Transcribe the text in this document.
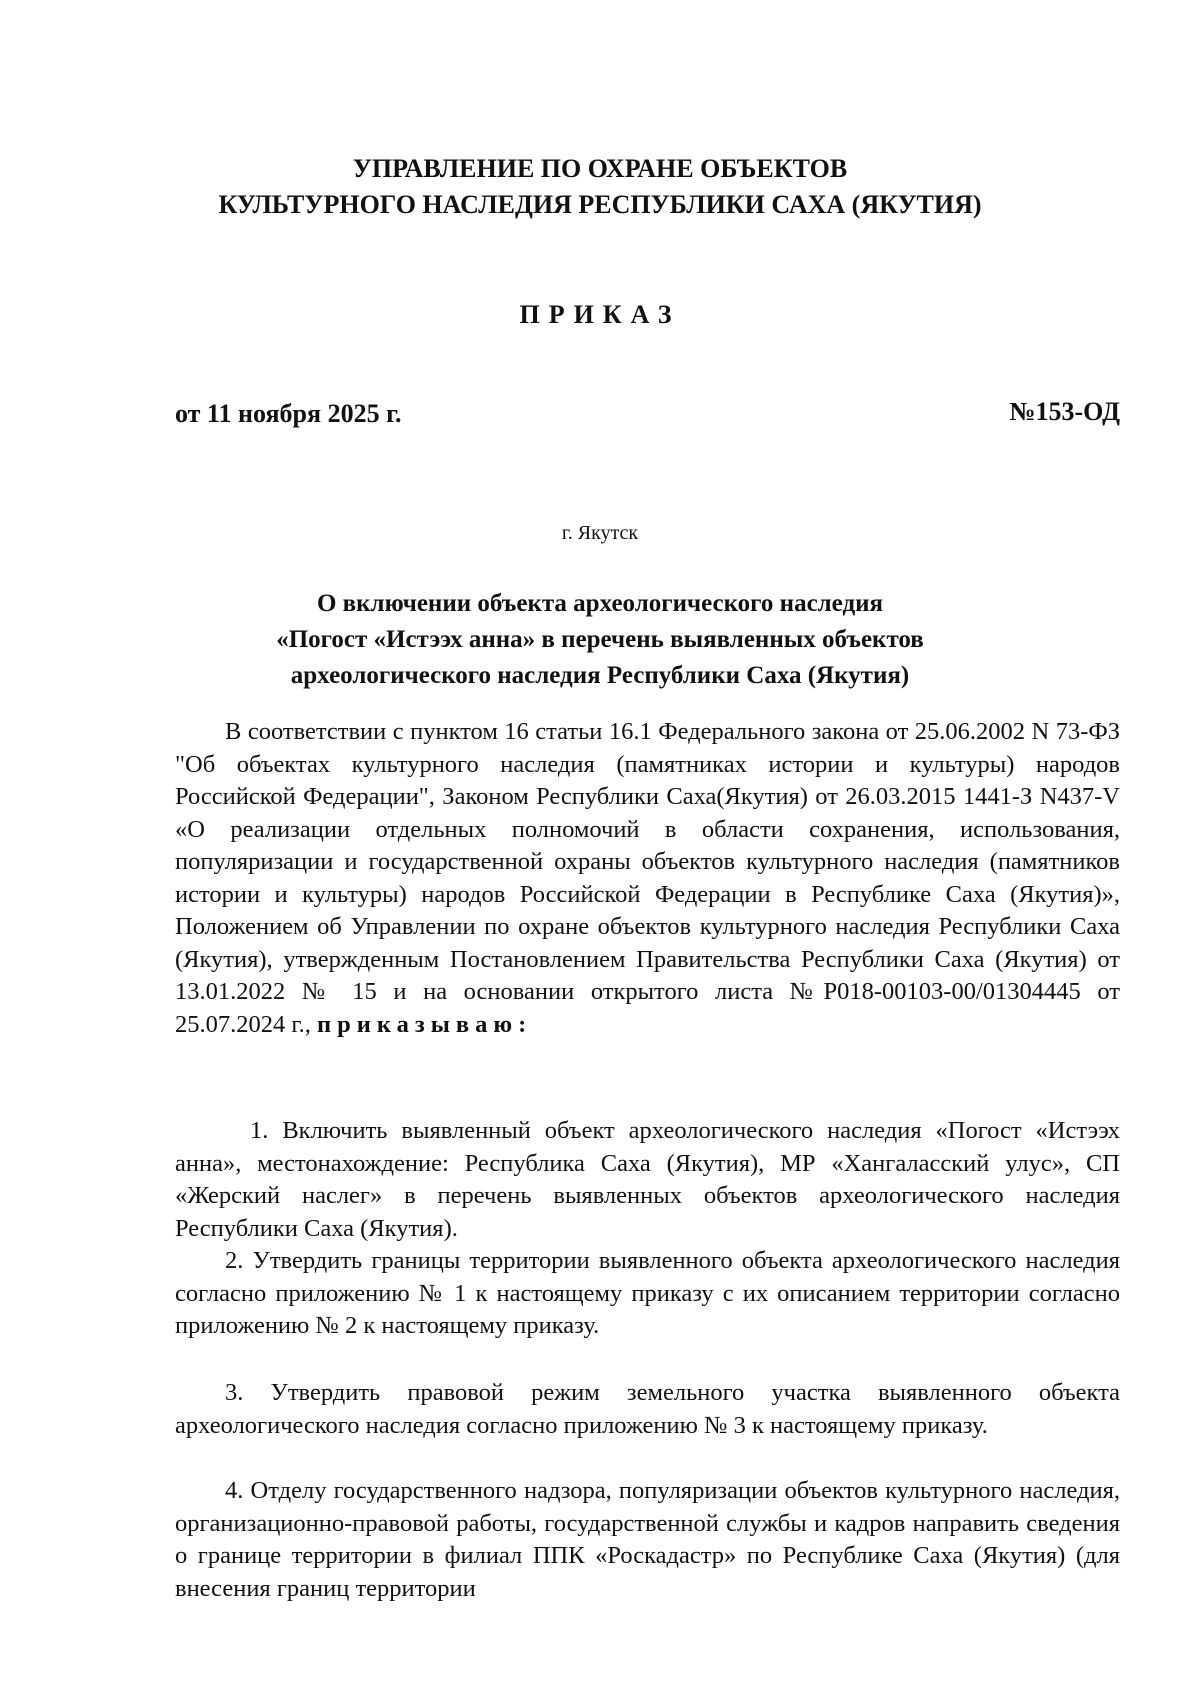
УПРАВЛЕНИЕ ПО ОХРАНЕ ОБЪЕКТОВ
КУЛЬТУРНОГО НАСЛЕДИЯ РЕСПУБЛИКИ САХА (ЯКУТИЯ)
ПРИКАЗ
от 11 ноября 2025 г.	№153-ОД
г. Якутск
О включении объекта археологического наследия
«Погост «Истээх анна» в перечень выявленных объектов
археологического наследия Республики Саха (Якутия)

В соответствии с пунктом 16 статьи 16.1 Федерального закона от 25.06.2002 N 73-ФЗ "Об объектах культурного наследия (памятниках истории и культуры) народов Российской Федерации", Законом Республики Саха(Якутия) от 26.03.2015 1441-З N437-V «О реализации отдельных полномочий в области сохранения, использования, популяризации и государственной охраны объектов культурного наследия (памятников истории и культуры) народов Российской Федерации в Республике Саха (Якутия)», Положением об Управлении по охране объектов культурного наследия Республики Саха (Якутия), утвержденным Постановлением Правительства Республики Саха (Якутия) от 13.01.2022 № 15 и на основании открытого листа №Р018-00103-00/01304445 от 25.07.2024 г., приказываю:

1. Включить выявленный объект археологического наследия «Погост «Истээх анна», местонахождение: Республика Саха (Якутия), МР «Хангаласский улус», СП «Жерский наслег» в перечень выявленных объектов археологического наследия Республики Саха (Якутия).

2. Утвердить границы территории выявленного объекта археологического наследия согласно приложению № 1 к настоящему приказу с их описанием территории согласно приложению № 2 к настоящему приказу.

3. Утвердить правовой режим земельного участка выявленного объекта археологического наследия согласно приложению № 3 к настоящему приказу.

4. Отделу государственного надзора, популяризации объектов культурного наследия, организационно-правовой работы, государственной службы и кадров направить сведения о границе территории в филиал ППК «Роскадастр» по Республике Саха (Якутия) (для внесения границ территории
